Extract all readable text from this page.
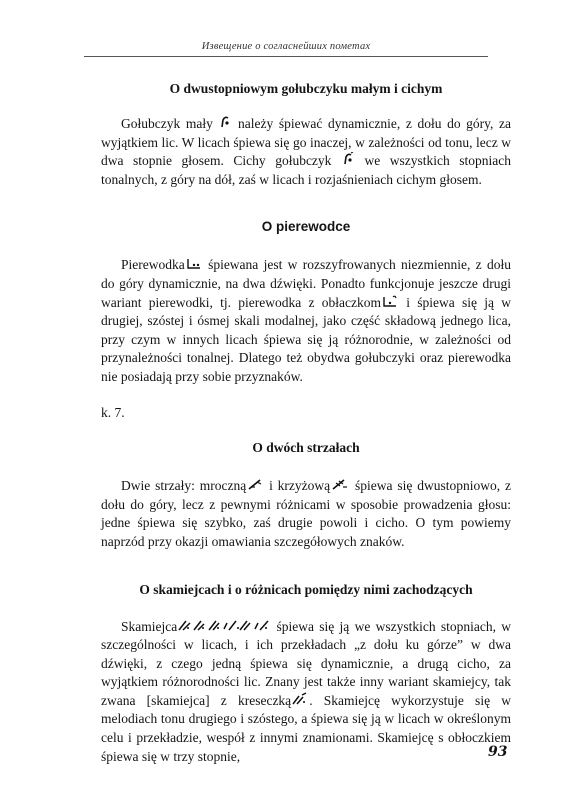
Извещение о согласнейших пометах
O dwustopniowym gołubczyku małym i cichym

Gołubczyk mały należy śpiewać dynamicznie, z dołu do góry, za wyjątkiem lic. W licach śpiewa się go inaczej, w zależności od tonu, lecz w dwa stopnie głosem. Cichy gołubczyk we wszystkich stopniach tonalnych, z góry na dół, zaś w licach i rozjaśnieniach cichym głosem.

O pierewodce

Pierewodka śpiewana jest w rozszyfrowanych niezmiennie, z dołu do góry dynamicznie, na dwa dźwięki. Ponadto funkcjonuje jeszcze drugi wariant pierewodki, tj. pierewodka z obłaczkom i śpiewa się ją w drugiej, szóstej i ósmej skali modalnej, jako część składową jednego lica, przy czym w innych licach śpiewa się ją różnorodnie, w zależności od przynależności tonalnej. Dlatego też obydwa gołubczyki oraz pierewodka nie posiadają przy sobie przyznaków.

k. 7.

O dwóch strzałach

Dwie strzały: mroczną i krzyżową śpiewa się dwustopniowo, z dołu do góry, lecz z pewnymi różnicami w sposobie prowadzenia głosu: jedne śpiewa się szybko, zaś drugie powoli i cicho. O tym powiemy naprzód przy okazji omawiania szczegółowych znaków.

O skamiejcach i o różnicach pomiędzy nimi zachodzących

Skamiejca	śpiewa się ją we wszystkich stopniach, w szczególności w licach, i ich przekładach „z dołu ku górze” w dwa dźwięki, z czego jedną śpiewa się dynamicznie, a drugą cicho, za wyjątkiem różnorodności lic. Znany jest także inny wariant skamiejcy, tak zwana [skamiejca] z kreseczką . Skamiejcę wykorzystuje się w melodiach tonu drugiego i szóstego, a śpiewa się ją w licach w określonym celu i przekładzie, wespół z innymi znamionami. Skamiejcę s obłoczkiem śpiewa się w trzy stopnie,	93
